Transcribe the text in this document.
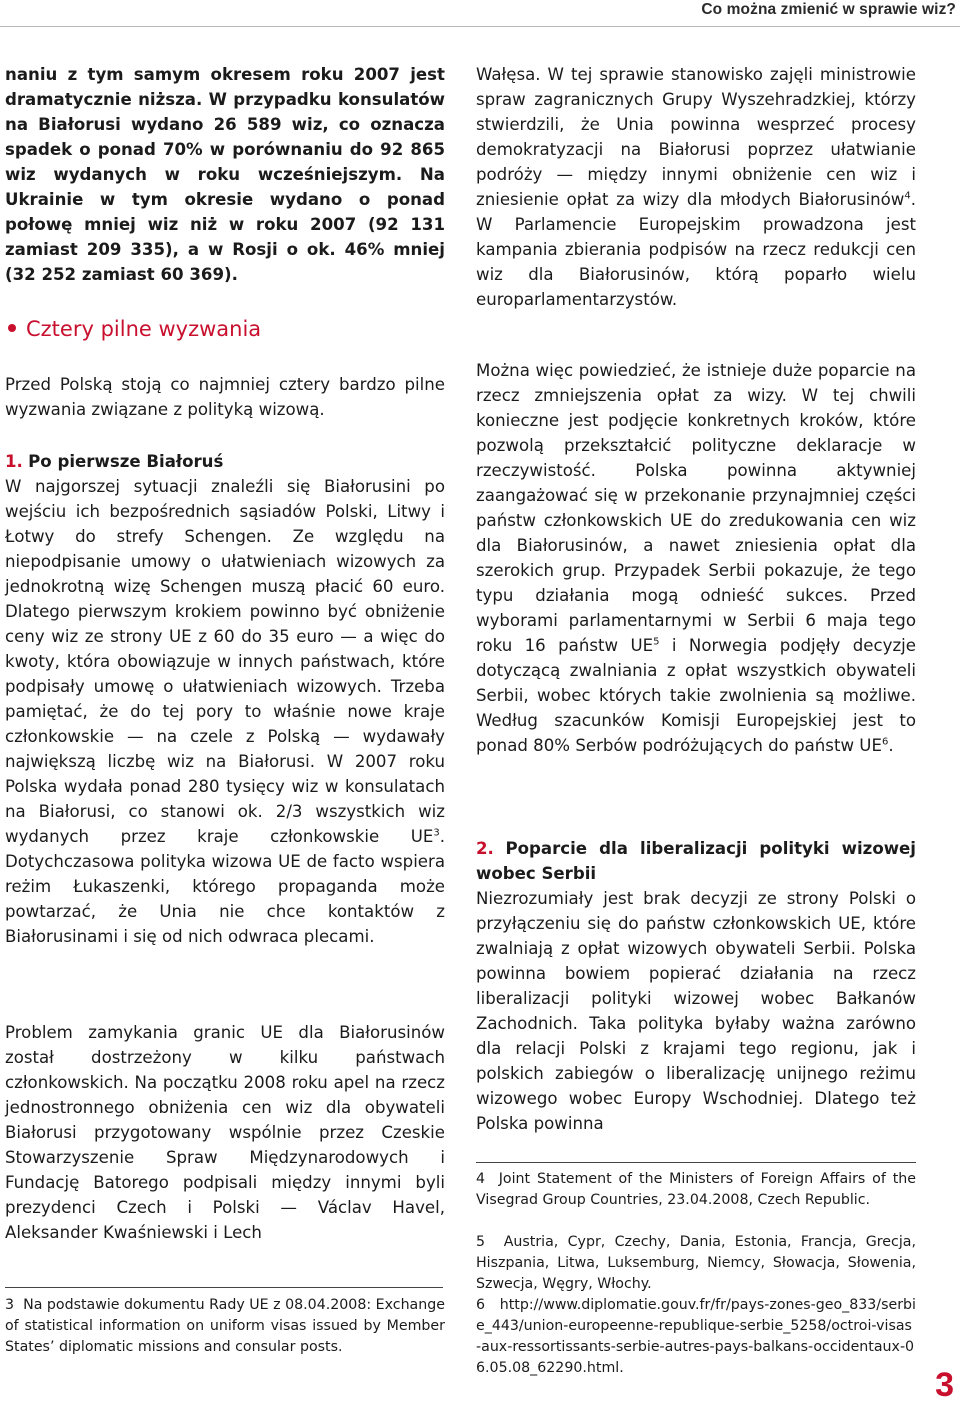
Co można zmienić w sprawie wiz?

naniu z tym samym okresem roku 2007 jest dramatycznie niższa. W przypadku konsulatów na Białorusi wydano 26 589 wiz, co oznacza spadek o ponad 70% w porównaniu do 92 865 wiz wydanych w roku wcześniejszym. Na Ukrainie w tym okresie wydano o ponad połowę mniej wiz niż w roku 2007 (92 131 zamiast 209 335), a w Rosji o ok. 46% mniej (32 252 zamiast 60 369).

Cztery pilne wyzwania

Przed Polską stoją co najmniej cztery bardzo pilne wyzwania związane z polityką wizową.

1. Po pierwsze Białoruś
W najgorszej sytuacji znaleźli się Białorusini po wejściu ich bezpośrednich sąsiadów Polski, Litwy i Łotwy do strefy Schengen. Ze względu na niepodpisanie umowy o ułatwieniach wizowych za jednokrotną wizę Schengen muszą płacić 60 euro. Dlatego pierwszym krokiem powinno być obniżenie ceny wiz ze strony UE z 60 do 35 euro — a więc do kwoty, która obowiązuje w innych państwach, które podpisały umowę o ułatwieniach wizowych. Trzeba pamiętać, że do tej pory to właśnie nowe kraje członkowskie — na czele z Polską — wydawały największą liczbę wiz na Białorusi. W 2007 roku Polska wydała ponad 280 tysięcy wiz w konsulatach na Białorusi, co stanowi ok. 2/3 wszystkich wiz wydanych przez kraje członkowskie $UE^3$. Dotychczasowa polityka wizowa UE de facto wspiera reżim Łukaszenki, którego propaganda może powtarzać, że Unia nie chce kontaktów z Białorusinami i się od nich odwraca plecami.

Problem zamykania granic UE dla Białorusinów został dostrzeżony w kilku państwach członkowskich. Na początku 2008 roku apel na rzecz jednostronnego obniżenia cen wiz dla obywateli Białorusi przygotowany wspólnie przez Czeskie Stowarzyszenie Spraw Międzynarodowych i Fundację Batorego podpisali między innymi byli prezydenci Czech i Polski — Václav Havel, Aleksander Kwaśniewski i Lech

3 Na podstawie dokumentu Rady UE z 08.04.2008: Exchange of statistical information on uniform visas issued by Member States’ diplomatic missions and consular posts.

Wałęsa. W tej sprawie stanowisko zajęli ministrowie spraw zagranicznych Grupy Wyszehradzkiej, którzy stwierdzili, że Unia powinna wesprzeć procesy demokratyzacji na Białorusi poprzez ułatwianie podróży — między innymi obniżenie cen wiz i zniesienie opłat za wizy dla młodych Białorusinów$^4$. W Parlamencie Europejskim prowadzona jest kampania zbierania podpisów na rzecz redukcji cen wiz dla Białorusinów, którą poparło wielu europarlamentarzystów.

Można więc powiedzieć, że istnieje duże poparcie na rzecz zmniejszenia opłat za wizy. W tej chwili konieczne jest podjęcie konkretnych kroków, które pozwolą przekształcić polityczne deklaracje w rzeczywistość. Polska powinna aktywniej zaangażować się w przekonanie przynajmniej części państw członkowskich UE do zredukowania cen wiz dla Białorusinów, a nawet zniesienia opłat dla szerokich grup. Przypadek Serbii pokazuje, że tego typu działania mogą odnieść sukces. Przed wyborami parlamentarnymi w Serbii 6 maja tego roku 16 państw $UE^5$ i Norwegia podjęły decyzje dotyczącą zwalniania z opłat wszystkich obywateli Serbii, wobec których takie zwolnienia są możliwe. Według szacunków Komisji Europejskiej jest to ponad 80% Serbów podróżujących do państw $UE^6$.

2. Poparcie dla liberalizacji polityki wizowej wobec Serbii
Niezrozumiały jest brak decyzji ze strony Polski o przyłączeniu się do państw członkowskich UE, które zwalniają z opłat wizowych obywateli Serbii. Polska powinna bowiem popierać działania na rzecz liberalizacji polityki wizowej wobec Bałkanów Zachodnich. Taka polityka byłaby ważna zarówno dla relacji Polski z krajami tego regionu, jak i polskich zabiegów o liberalizację unijnego reżimu wizowego wobec Europy Wschodniej. Dlatego też Polska powinna

4 Joint Statement of the Ministers of Foreign Affairs of the Visegrad Group Countries, 23.04.2008, Czech Republic.

5 Austria, Cypr, Czechy, Dania, Estonia, Francja, Grecja, Hiszpania, Litwa, Luksemburg, Niemcy, Słowacja, Słowenia, Szwecja, Węgry, Włochy.

6 http://www.diplomatie.gouv.fr/fr/pays-zones-geo_833/serbie_443/union-europeenne-republique-serbie_5258/octroi-visas-aux-ressortissants-serbie-autres-pays-balkans-occidentaux-06.05.08_62290.html.	3
